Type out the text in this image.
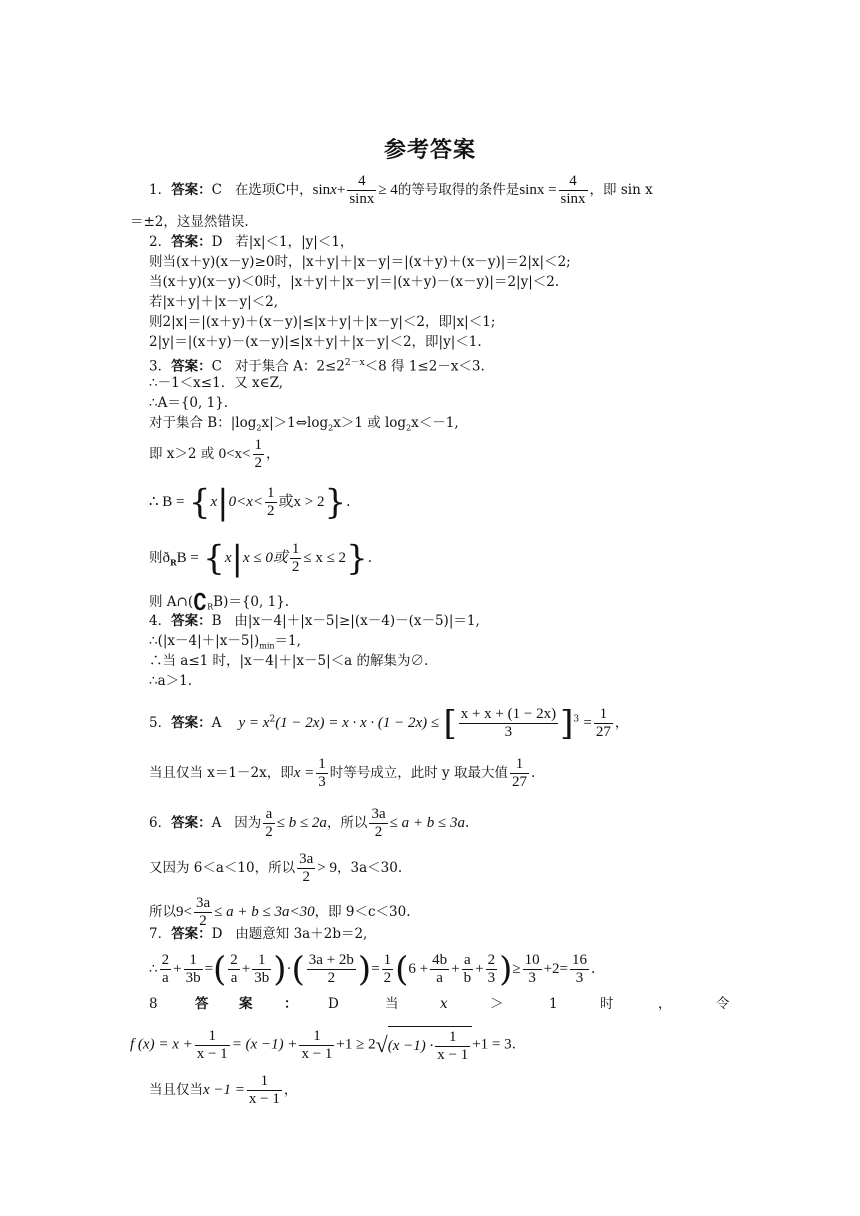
参考答案
1．答案：C 在选项C中，$\sin x+ \frac{4}{\sin x} \ge 4$的等号取得的条件是$\sin x = \frac{4}{\sin x}$ ，即 sin x
＝±2，这显然错误.
2．答案：D 若|x|＜1，|y|＜1，
则当(x＋y)(x－y)≥0时，|x＋y|＋|x－y|＝|(x＋y)＋(x－y)|＝2|x|＜2;
当(x＋y)(x－y)＜0时，|x＋y|＋|x－y|＝|(x＋y)－(x－y)|＝2|y|＜2.
若|x＋y|＋|x－y|＜2,
则2|x|＝|(x＋y)＋(x－y)|≤|x＋y|＋|x－y|＜2，即|x|＜1;
2|y|＝|(x＋y)－(x－y)|≤|x＋y|＋|x－y|＜2，即|y|＜1.
3．答案：C 对于集合 A：$2\le 2^{2-x}<8$ 得 1≤2－x＜3.
∴－1＜x≤1．又 x∈Z,
∴A＝{0, 1}.
对于集合 B：$|\log_2x|>1\Leftrightarrow\log_2x>1$ 或 $\log_2x<-1$,
即 x＞2 或 $0<x< \frac{1}{2}$ ，
∴ $B = \{x|0<x< \frac{1}{2}$ 或x > 2}.
则$ð_RB = \{x|x \le 0$或 $\frac{1}{2} \le x \le 2$}.
则 $A\cap(∁_RB)=\{0$, 1}.
4．答案：B 由|x－4|＋|x－5|≥|(x－4)－(x－5)|＝1,
$\therefore(|x-4|+|x-5|)_{min}=1$,
∴当 a≤1 时，|x－4|＋|x－5|＜a 的解集为∅.
∴a＞1.
5．答案：A $y = x^2(1 - 2x) = x \cdot x \cdot (1 - 2x)$ ≤ [ $\frac{x + x + (1 - 2x)}{3} ]^3 = \frac{1}{27}$ ，
当且仅当 x＝1－2x，即$x = \frac{1}{3}$ 时等号成立，此时 y 取最大值 $\frac{1}{27}$ .
6．答案：A 因为 $\frac{a}{2} \le b \le 2a$，所以 $\frac{3a}{2} \le a + b \le 3a$.
又因为 6＜a＜10，所以 $\frac{3a}{2} > 9$，3a＜30.
所以$9< \frac{3a}{2} \le a + b \le 3a<30$，即 9＜c＜30.
7．答案：D 由题意知 3a＋2b＝2,
∴ $\frac{2}{a} + \frac{1}{3b}$ =( $\frac{2}{a} + \frac{1}{3b}$ )·( $\frac{3a + 2b}{2}$ )= $\frac{1}{2} (6 + \frac{4b}{a} + \frac{a}{b} + \frac{2}{3}$ )≥ $\frac{10}{3} +2= \frac{16}{3}$ .
8	答 案 ： D	当	x	＞	1	时	，	令
f $(x) = x + \frac{1}{x - 1} = (x -1) + \frac{1}{x - 1} +1 \ge 2√(x -1) \cdot \frac{1}{x - 1} +1 = 3$.
当且仅当$x -1 = \frac{1}{x - 1}$ ，
